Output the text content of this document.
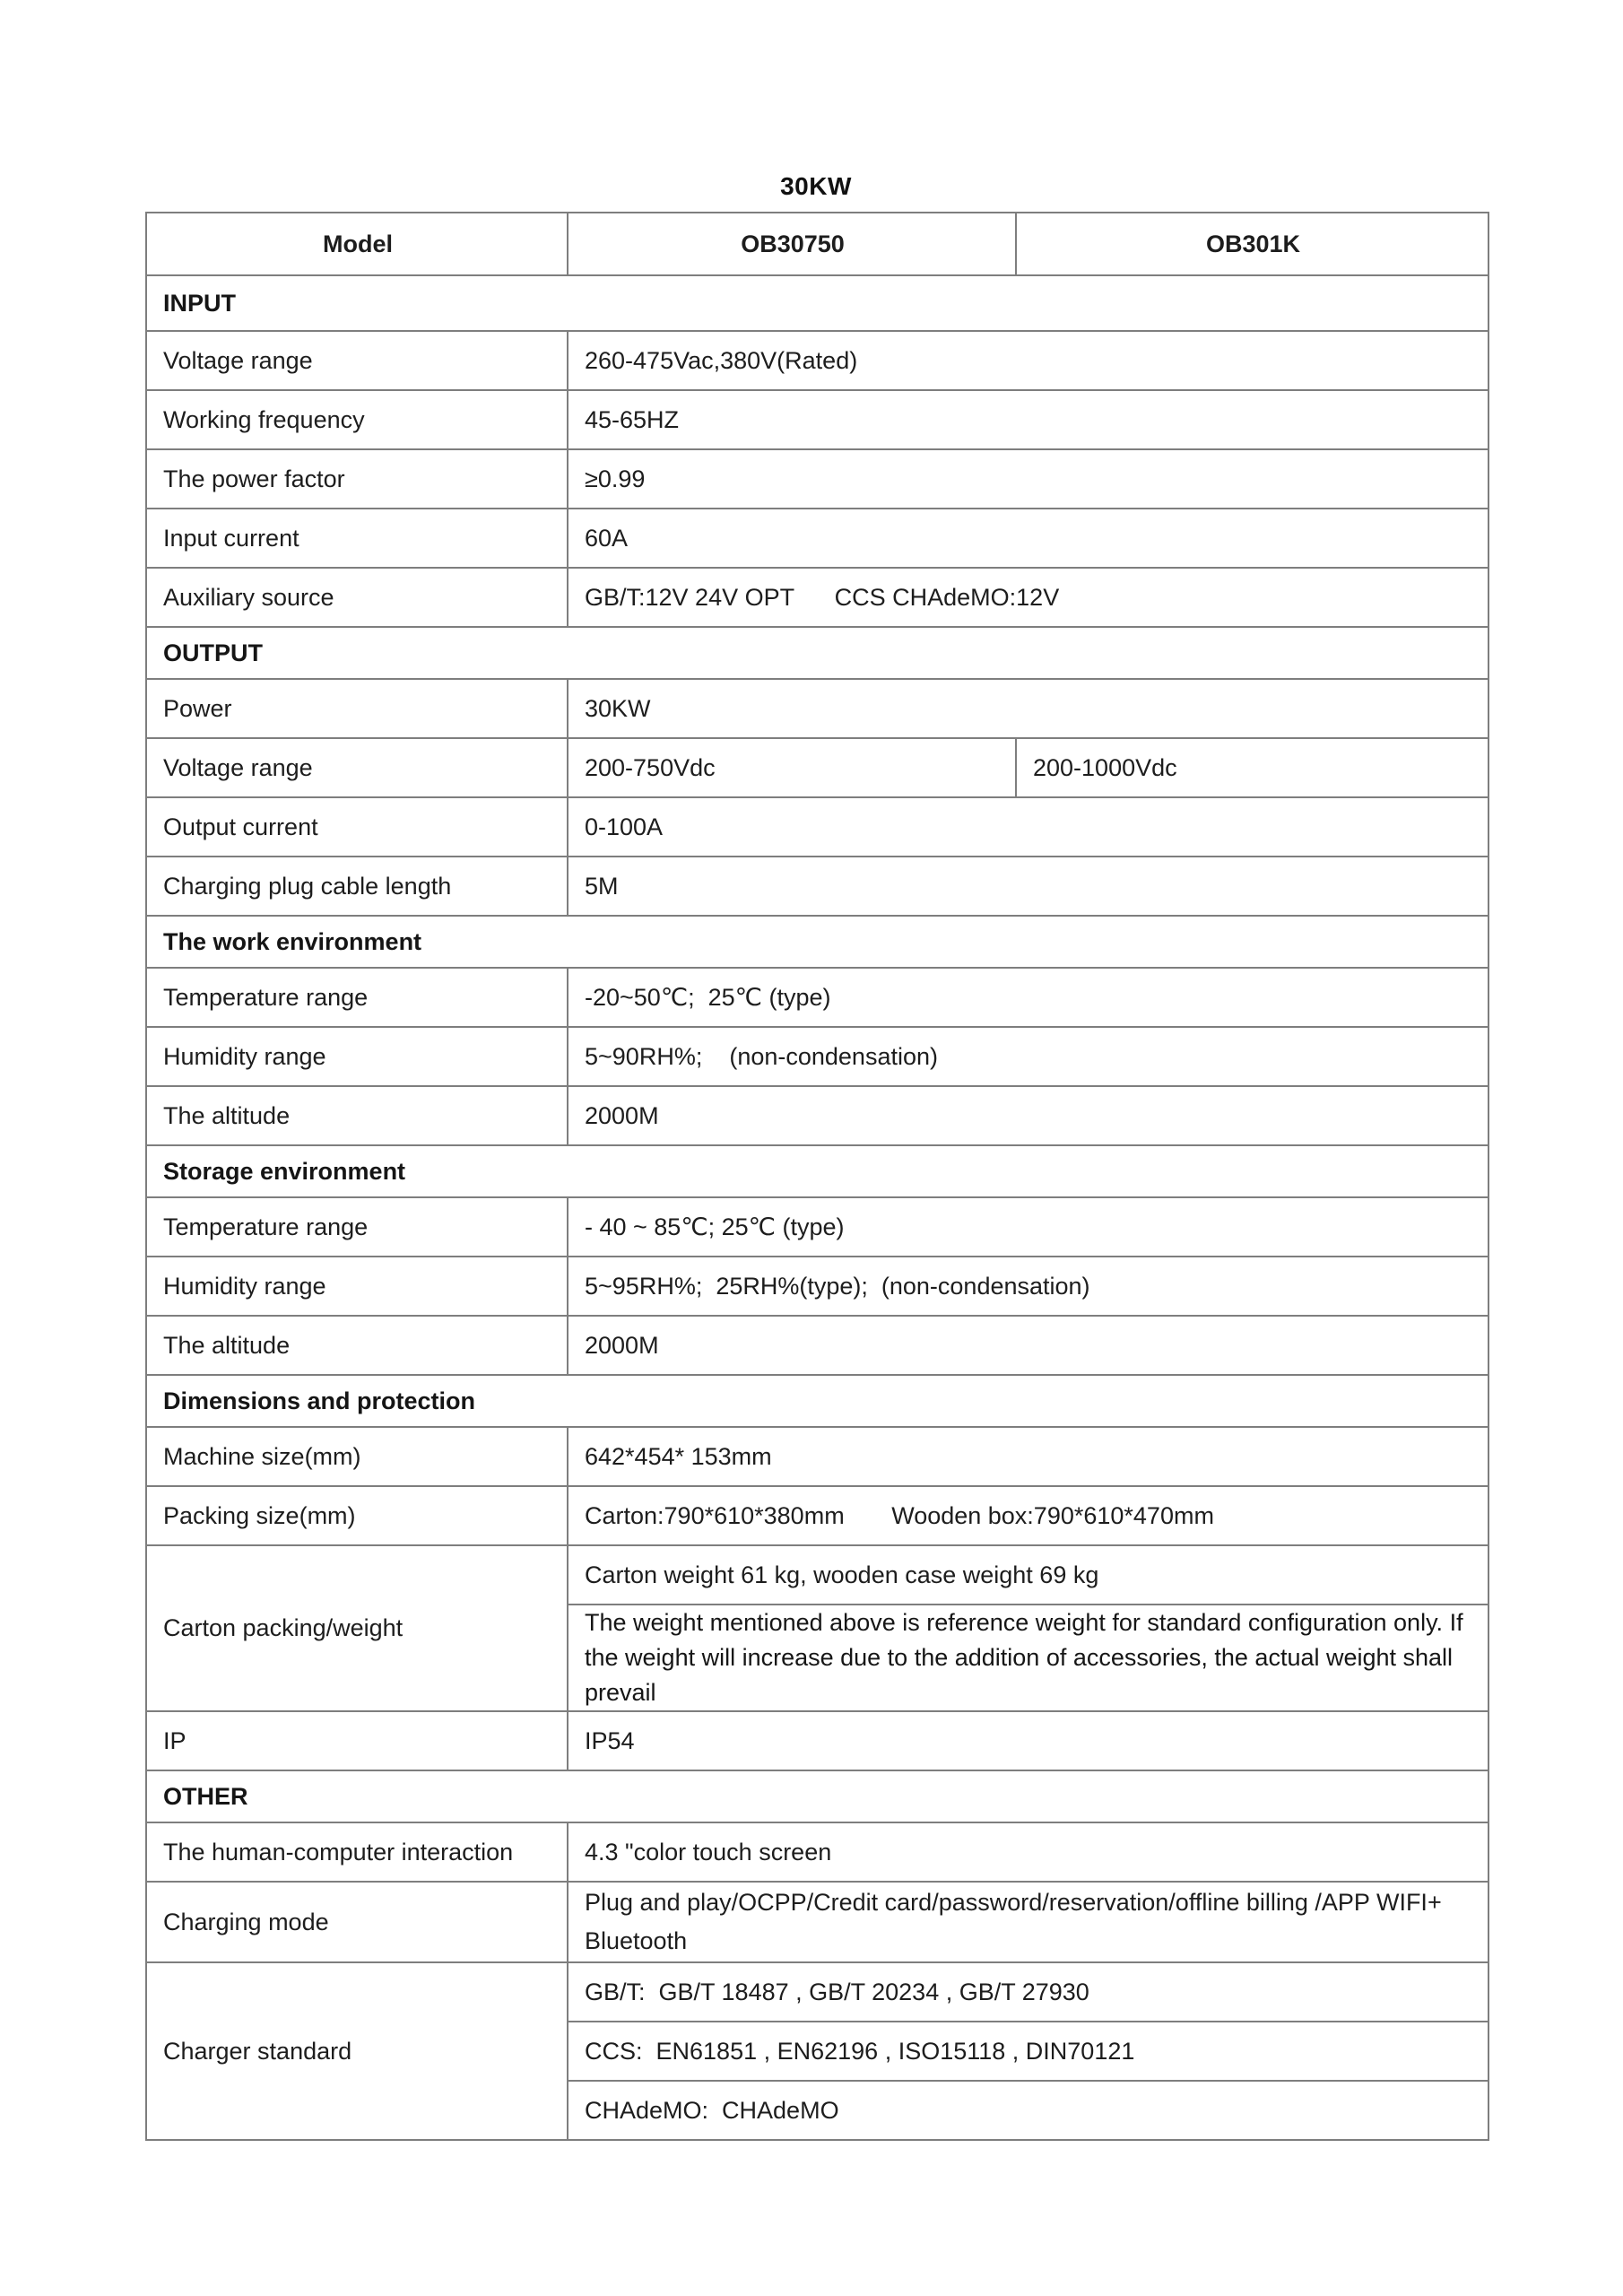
30KW
Model	OB30750	OB301K
INPUT		
Voltage range	260-475Vac,380V(Rated)	
Working frequency	45-65HZ	
The power factor	≥0.99	
Input current	60A	
Auxiliary source	GB/T:12V 24V OPT      CCS CHAdeMO:12V	
OUTPUT		
Power	30KW	
Voltage range	200-750Vdc	200-1000Vdc
Output current	0-100A	
Charging plug cable length	5M	
The work environment		
Temperature range	-20~50℃;  25℃ (type)	
Humidity range	5~90RH%;    (non-condensation)	
The altitude	2000M	
Storage environment		
Temperature range	- 40 ~ 85℃; 25℃ (type)	
Humidity range	5~95RH%;  25RH%(type);  (non-condensation)	
The altitude	2000M	
Dimensions and protection		
Machine size(mm)	642*454* 153mm	
Packing size(mm)	Carton:790*610*380mm       Wooden box:790*610*470mm	
Carton packing/weight	Carton weight 61 kg, wooden case weight 69 kg	
	The weight mentioned above is reference weight for standard configuration only. If the weight will increase due to the addition of accessories, the actual weight shall prevail	
IP	IP54	
OTHER		
The human-computer interaction	4.3 "color touch screen	
Charging mode	Plug and play/OCPP/Credit card/password/reservation/offline billing /APP WIFI+ Bluetooth	
Charger standard	GB/T:  GB/T 18487 , GB/T 20234 , GB/T 27930	
	CCS:  EN61851 , EN62196 , ISO15118 , DIN70121	
	CHAdeMO:  CHAdeMO	
